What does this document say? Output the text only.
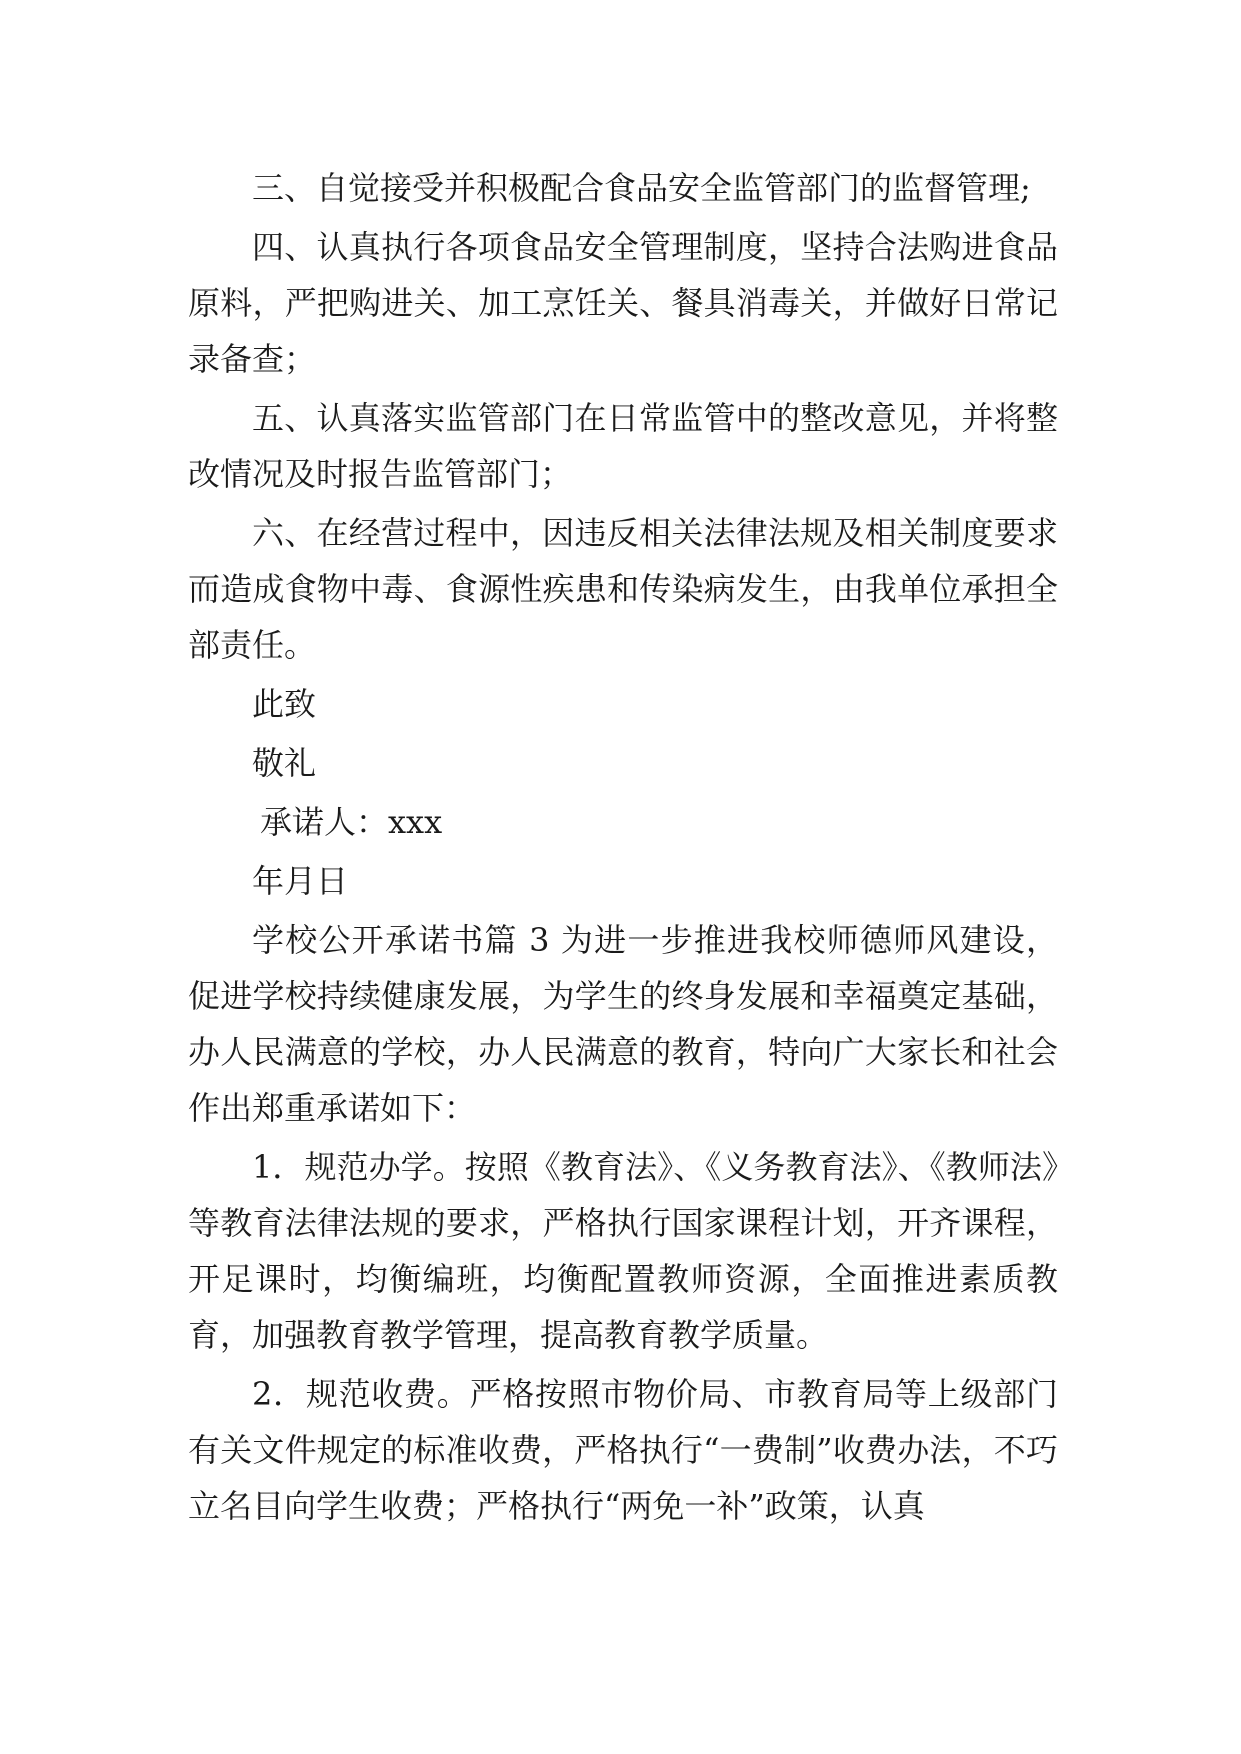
三、自觉接受并积极配合食品安全监管部门的监督管理;

四、认真执行各项食品安全管理制度，坚持合法购进食品原料，严把购进关、加工烹饪关、餐具消毒关，并做好日常记录备查；

五、认真落实监管部门在日常监管中的整改意见，并将整改情况及时报告监管部门；

六、在经营过程中，因违反相关法律法规及相关制度要求而造成食物中毒、食源性疾患和传染病发生，由我单位承担全部责任。

此致

敬礼

承诺人：xxx

年月日

学校公开承诺书篇 3 为进一步推进我校师德师风建设，促进学校持续健康发展，为学生的终身发展和幸福奠定基础，办人民满意的学校，办人民满意的教育，特向广大家长和社会作出郑重承诺如下：

1．规范办学。按照《教育法》、《义务教育法》、《教师法》等教育法律法规的要求，严格执行国家课程计划，开齐课程，开足课时，均衡编班，均衡配置教师资源，全面推进素质教育，加强教育教学管理，提高教育教学质量。

2．规范收费。严格按照市物价局、市教育局等上级部门有关文件规定的标准收费，严格执行“一费制”收费办法，不巧立名目向学生收费；严格执行“两免一补”政策，认真
